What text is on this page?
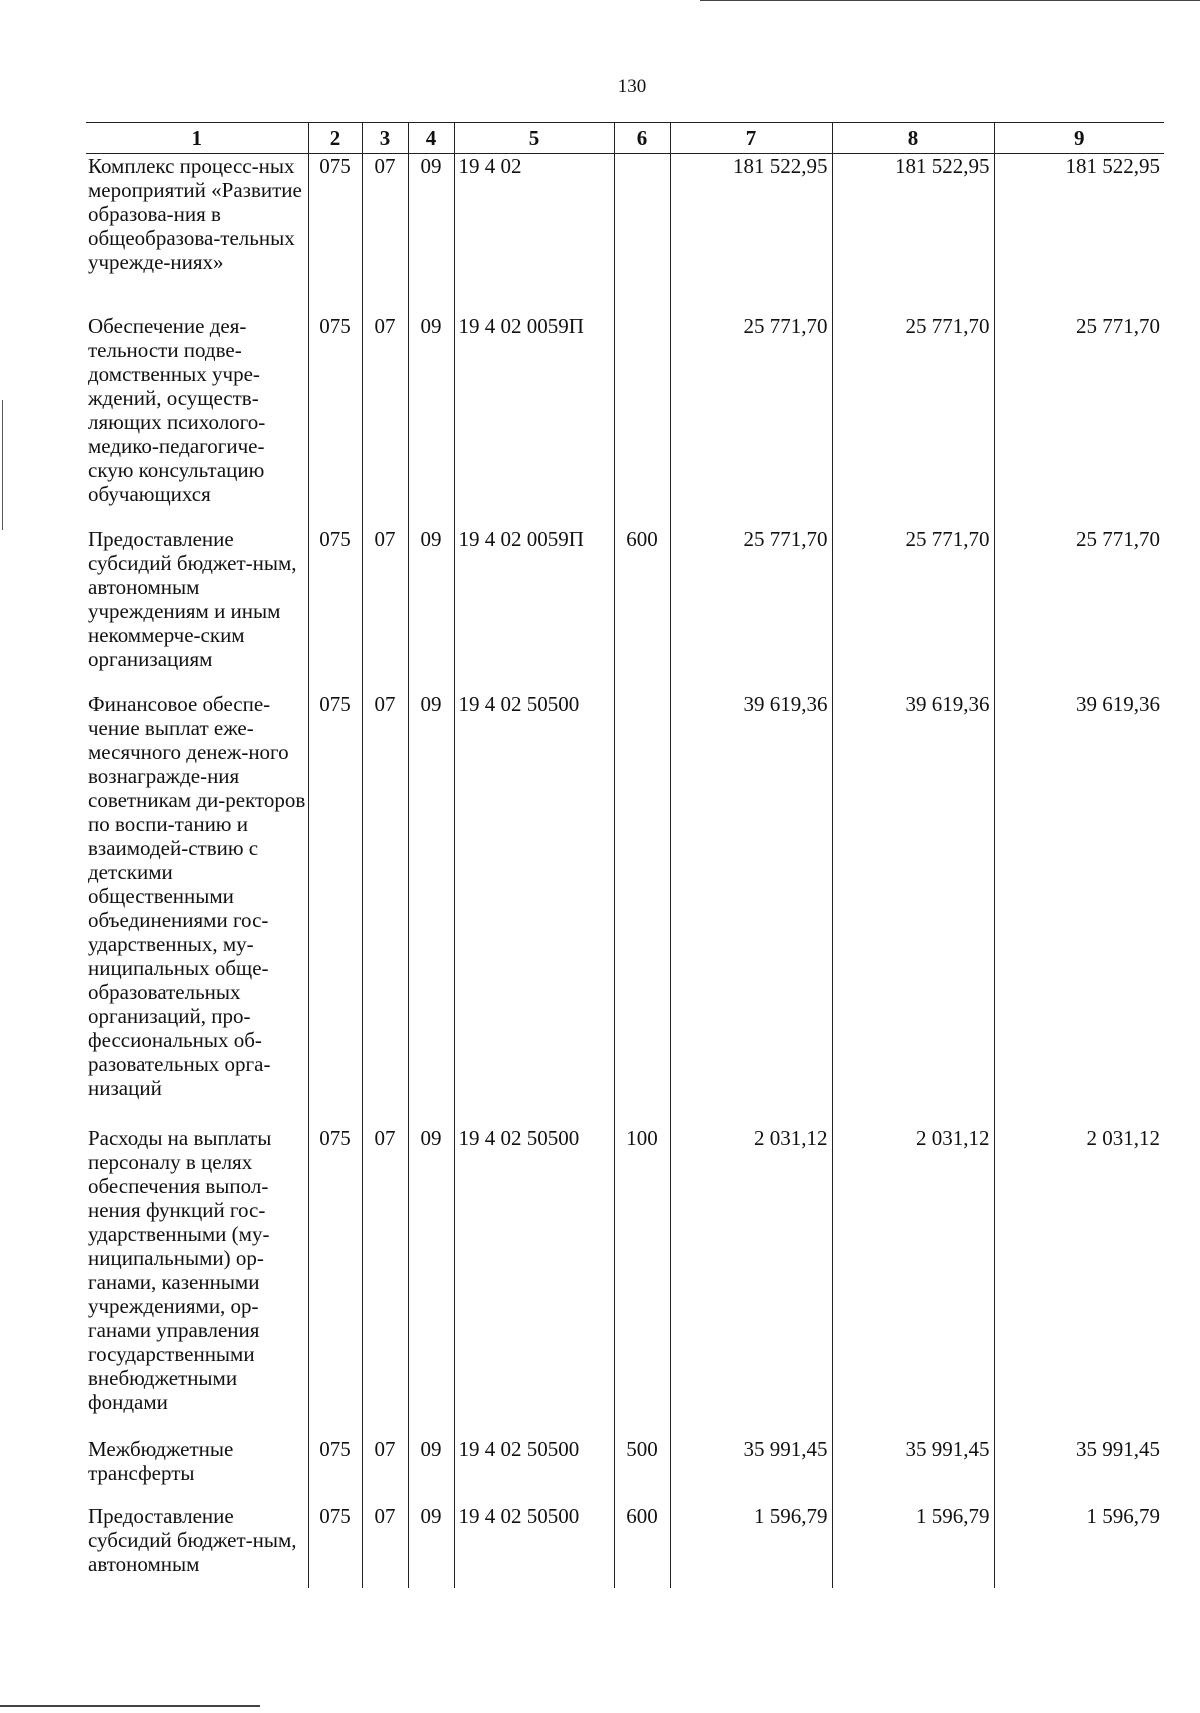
130
1	2	3	4	5	6	7	8	9
Комплекс процесс-ных мероприятий «Развитие образова-ния в общеобразова-тельных учрежде-ниях»	075	07	09	19 4 02		181 522,95	181 522,95	181 522,95
Обеспечение дея-тельности подве-домственных учре-ждений, осуществ-ляющих психолого-медико-педагогиче-скую консультацию обучающихся	075	07	09	19 4 02 0059П		25 771,70	25 771,70	25 771,70
Предоставление субсидий бюджет-ным, автономным учреждениям и иным некоммерче-ским организациям	075	07	09	19 4 02 0059П	600	25 771,70	25 771,70	25 771,70
Финансовое обеспе-чение выплат еже-месячного денеж-ного вознагражде-ния советникам ди-ректоров по воспи-танию и взаимодей-ствию с детскими общественными объединениями гос-ударственных, му-ниципальных обще-образовательных организаций, про-фессиональных об-разовательных орга-низаций	075	07	09	19 4 02 50500		39 619,36	39 619,36	39 619,36
Расходы на выплаты персоналу в целях обеспечения выпол-нения функций гос-ударственными (му-ниципальными) ор-ганами, казенными учреждениями, ор-ганами управления государственными внебюджетными фондами	075	07	09	19 4 02 50500	100	2 031,12	2 031,12	2 031,12
Межбюджетные трансферты	075	07	09	19 4 02 50500	500	35 991,45	35 991,45	35 991,45
Предоставление субсидий бюджет-ным, автономным	075	07	09	19 4 02 50500	600	1 596,79	1 596,79	1 596,79
